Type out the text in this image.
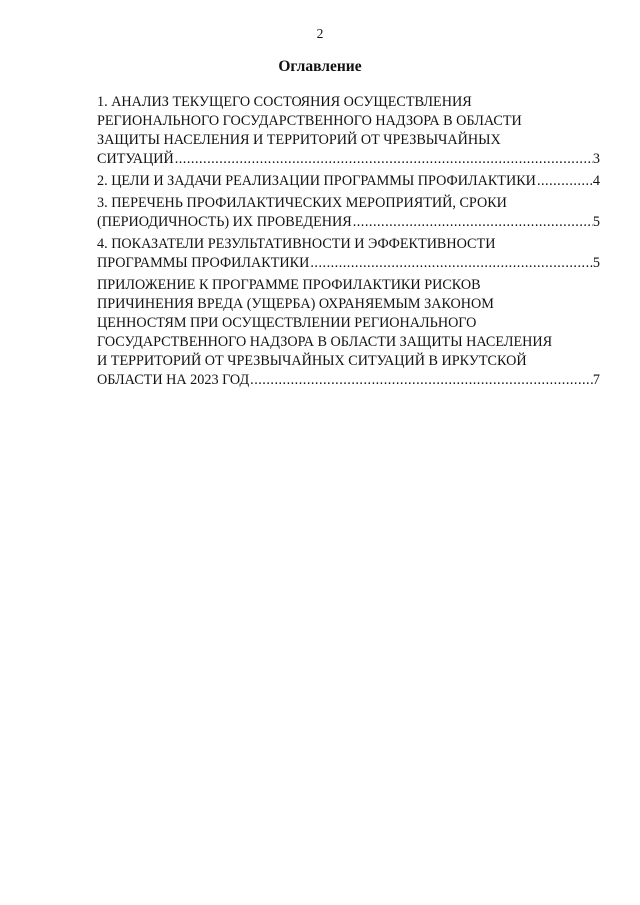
2
Оглавление
1. АНАЛИЗ ТЕКУЩЕГО СОСТОЯНИЯ ОСУЩЕСТВЛЕНИЯ
РЕГИОНАЛЬНОГО ГОСУДАРСТВЕННОГО НАДЗОРА В ОБЛАСТИ
ЗАЩИТЫ НАСЕЛЕНИЯ И ТЕРРИТОРИЙ ОТ ЧРЕЗВЫЧАЙНЫХ
СИТУАЦИЙ .....	3
2. ЦЕЛИ И ЗАДАЧИ РЕАЛИЗАЦИИ ПРОГРАММЫ ПРОФИЛАКТИКИ .....	4
3. ПЕРЕЧЕНЬ ПРОФИЛАКТИЧЕСКИХ МЕРОПРИЯТИЙ, СРОКИ
(ПЕРИОДИЧНОСТЬ) ИХ ПРОВЕДЕНИЯ .....	5
4. ПОКАЗАТЕЛИ РЕЗУЛЬТАТИВНОСТИ И ЭФФЕКТИВНОСТИ
ПРОГРАММЫ ПРОФИЛАКТИКИ .....	5
ПРИЛОЖЕНИЕ К ПРОГРАММЕ ПРОФИЛАКТИКИ РИСКОВ
ПРИЧИНЕНИЯ ВРЕДА (УЩЕРБА) ОХРАНЯЕМЫМ ЗАКОНОМ
ЦЕННОСТЯМ ПРИ ОСУЩЕСТВЛЕНИИ РЕГИОНАЛЬНОГО
ГОСУДАРСТВЕННОГО НАДЗОРА В ОБЛАСТИ ЗАЩИТЫ НАСЕЛЕНИЯ
И ТЕРРИТОРИЙ ОТ ЧРЕЗВЫЧАЙНЫХ СИТУАЦИЙ В ИРКУТСКОЙ
ОБЛАСТИ НА 2023 ГОД .....	7
